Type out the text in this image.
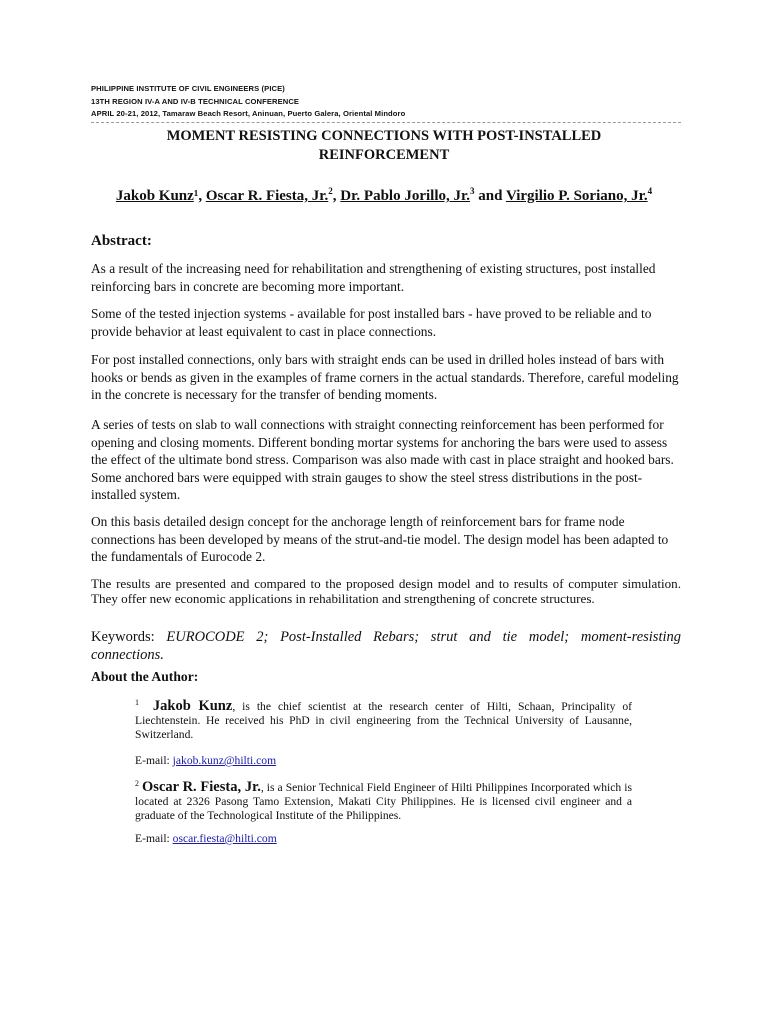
PHILIPPINE INSTITUTE OF CIVIL ENGINEERS (PICE)
13TH REGION IV-A AND IV-B TECHNICAL CONFERENCE
APRIL 20-21, 2012, Tamaraw Beach Resort, Aninuan, Puerto Galera, Oriental Mindoro
MOMENT RESISTING CONNECTIONS WITH POST-INSTALLED
REINFORCEMENT
Jakob Kunz¹, Oscar R. Fiesta, Jr.$^2$, Dr. Pablo Jorillo, Jr.$^3$ and Virgilio P. Soriano, Jr.$^4$
Abstract:
As a result of the increasing need for rehabilitation and strengthening of existing structures, post installed reinforcing bars in concrete are becoming more important.
Some of the tested injection systems - available for post installed bars - have proved to be reliable and to provide behavior at least equivalent to cast in place connections.
For post installed connections, only bars with straight ends can be used in drilled holes instead of bars with hooks or bends as given in the examples of frame corners in the actual standards. Therefore, careful modeling in the concrete is necessary for the transfer of bending moments.
A series of tests on slab to wall connections with straight connecting reinforcement has been performed for opening and closing moments. Different bonding mortar systems for anchoring the bars were used to assess the effect of the ultimate bond stress. Comparison was also made with cast in place straight and hooked bars. Some anchored bars were equipped with strain gauges to show the steel stress distributions in the post-installed system.
On this basis detailed design concept for the anchorage length of reinforcement bars for frame node connections has been developed by means of the strut-and-tie model. The design model has been adapted to the fundamentals of Eurocode 2.
The results are presented and compared to the proposed design model and to results of computer simulation. They offer new economic applications in rehabilitation and strengthening of concrete structures.
Keywords: EUROCODE 2; Post-Installed Rebars; strut and tie model; moment-resisting connections.
About the Author:
$^1$ Jakob Kunz, is the chief scientist at the research center of Hilti, Schaan, Principality of Liechtenstein. He received his PhD in civil engineering from the Technical University of Lausanne, Switzerland.
E-mail: jakob.kunz@hilti.com
$^2$ Oscar R. Fiesta, Jr., is a Senior Technical Field Engineer of Hilti Philippines Incorporated which is located at 2326 Pasong Tamo Extension, Makati City Philippines. He is licensed civil engineer and a graduate of the Technological Institute of the Philippines.
E-mail: oscar.fiesta@hilti.com
